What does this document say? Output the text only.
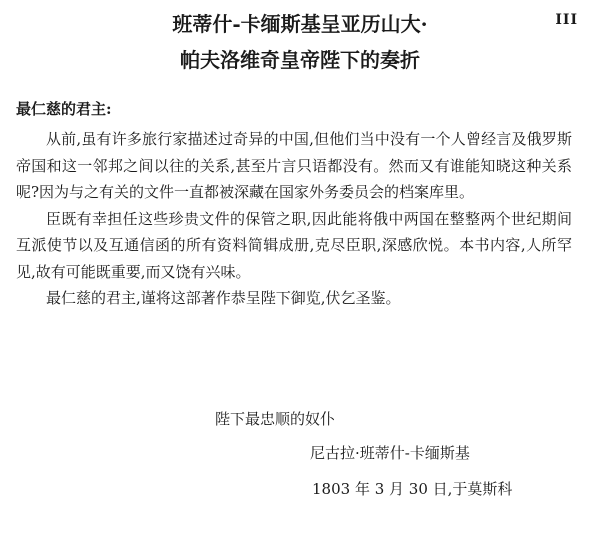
III
班蒂什-卡缅斯基呈亚历山大·
帕夫洛维奇皇帝陛下的奏折
最仁慈的君主:

从前,虽有许多旅行家描述过奇异的中国,但他们当中没有一个人曾经言及俄罗斯帝国和这一邻邦之间以往的关系,甚至片言只语都没有。然而又有谁能知晓这种关系呢?因为与之有关的文件一直都被深藏在国家外务委员会的档案库里。

臣既有幸担任这些珍贵文件的保管之职,因此能将俄中两国在整整两个世纪期间互派使节以及互通信函的所有资料简辑成册,克尽臣职,深感欣悦。本书内容,人所罕见,故有可能既重要,而又饶有兴味。

最仁慈的君主,谨将这部著作恭呈陛下御览,伏乞圣鉴。

陛下最忠顺的奴仆
尼古拉·班蒂什-卡缅斯基
1803 年 3 月 30 日,于莫斯科
